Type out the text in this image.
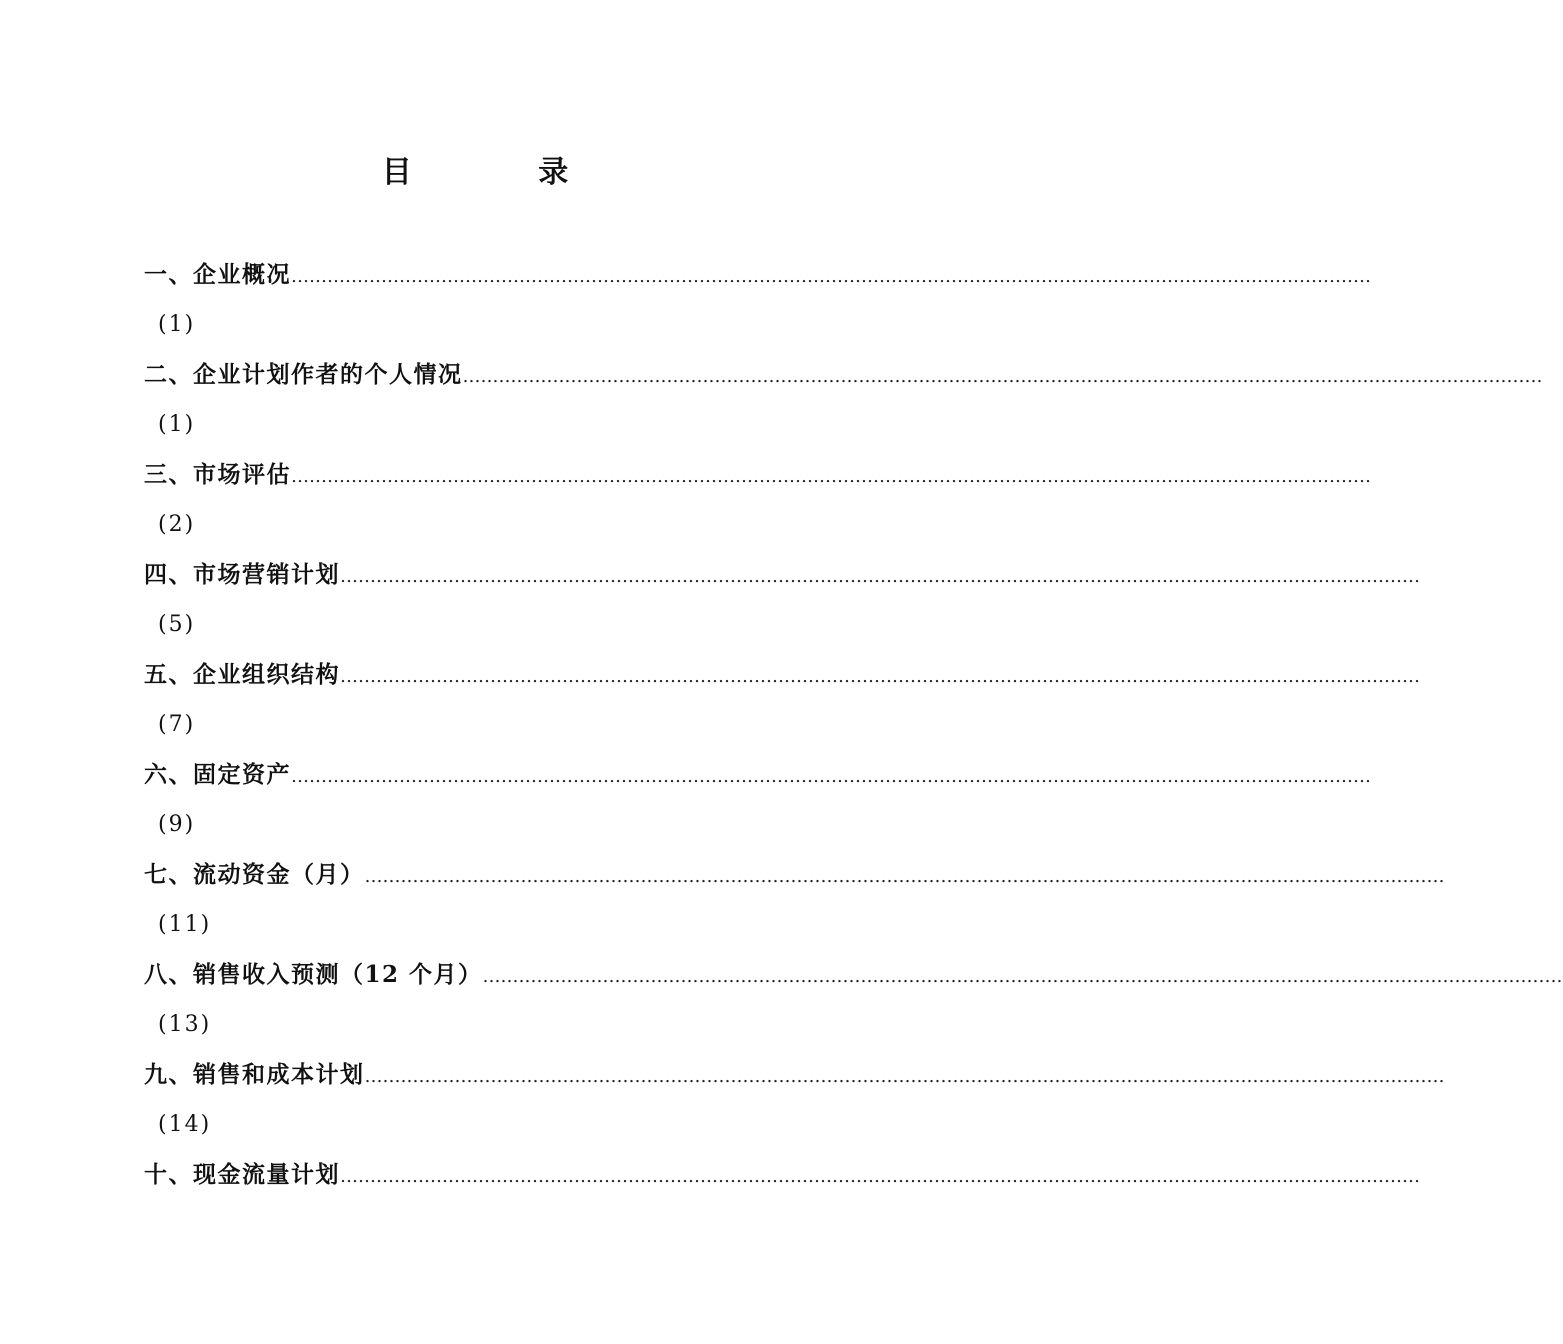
目 录
一、企业概况 ………………………………………………………………………………………………………………………………………………………………
(1)
二、企业计划作者的个人情况 ………………………………………………………………………………………………………………………………………………………………
(1)
三、市场评估 ………………………………………………………………………………………………………………………………………………………………
(2)
四、市场营销计划 ………………………………………………………………………………………………………………………………………………………………
(5)
五、企业组织结构 ………………………………………………………………………………………………………………………………………………………………
(7)
六、固定资产 ………………………………………………………………………………………………………………………………………………………………
(9)
七、流动资金（月） ………………………………………………………………………………………………………………………………………………………………
(11)
八、销售收入预测（12 个月） ………………………………………………………………………………………………………………………………………………………………
(13)
九、销售和成本计划 ………………………………………………………………………………………………………………………………………………………………
(14)
十、现金流量计划 ………………………………………………………………………………………………………………………………………………………………
